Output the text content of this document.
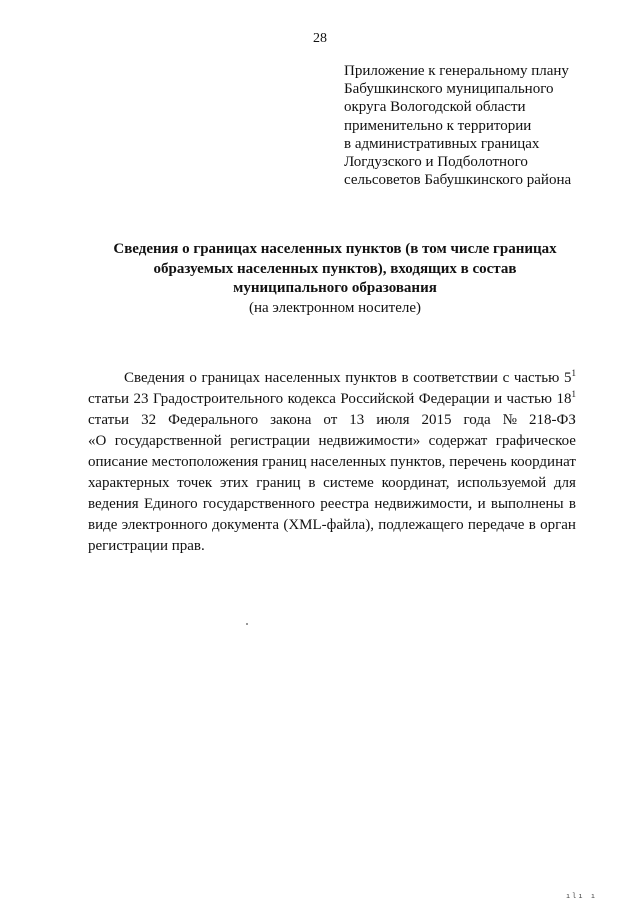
28
Приложение к генеральному плану
Бабушкинского муниципального
округа Вологодской области
применительно к территории
в административных границах
Логдузского и Подболотного
сельсоветов Бабушкинского района
Сведения о границах населенных пунктов (в том числе границах
образуемых населенных пунктов), входящих в состав
муниципального образования
(на электронном носителе)
Сведения о границах населенных пунктов в соответствии с частью $5^1$
статьи 23 Градостроительного кодекса Российской Федерации и частью $18^1$
статьи 32 Федерального закона от 13 июля 2015 года № 218-ФЗ
«О государственной регистрации недвижимости» содержат графическое
описание местоположения границ населенных пунктов, перечень координат
характерных точек этих границ в системе координат, используемой для
ведения Единого государственного реестра недвижимости, и выполнены в
виде электронного документа (XML-файла), подлежащего передаче в орган
регистрации прав.
ılı ı
